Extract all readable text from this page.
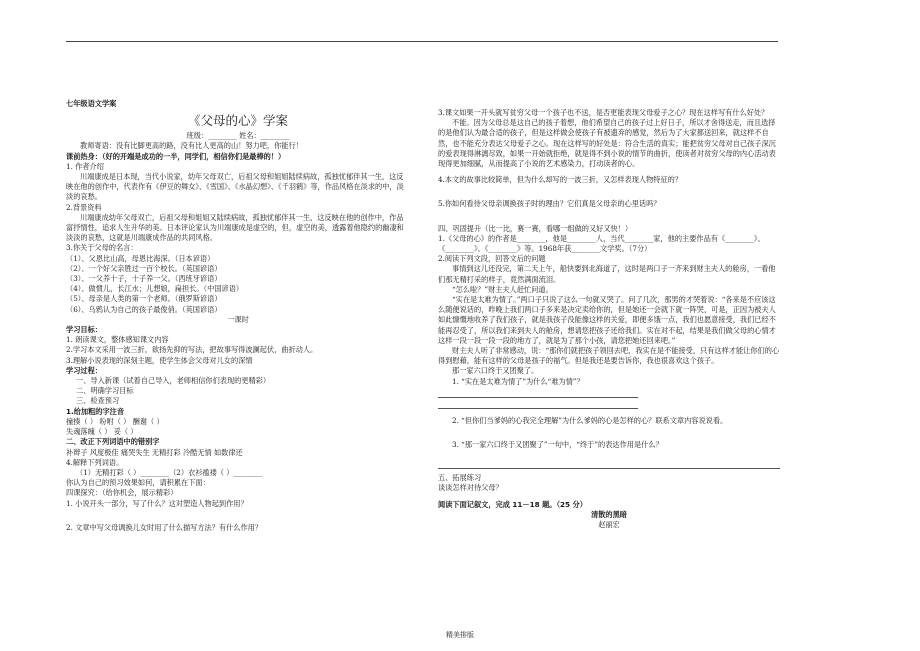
七年级语文学案

《父母的心》学案

班级：________ 姓名：________

教师寄语：没有比脚更高的路，没有比人更高的山！努力吧，你能行！

课前热身：（好的开端是成功的一半，同学们，相信你们是最棒的！）

1. 作者介绍

川端康成是日本现，当代小说家，幼年父母双亡，后祖父母和姐姐陆续病故，孤独忧郁伴其一生，这反映在他的创作中，代表作有《伊豆的舞女》、《雪国》、《水晶幻想》、《千羽鹤》等，作品风格在淡求的中，淡淡的哀愁。

2.背景资料

川端康成幼年父母双亡，后祖父母和姐姐又陆续病故，孤独忧郁伴其一生，这反映在他的创作中，作品富抒情性，追求人生升华的美。日本评论家认为川端康成是虚空的，但，虚空的美，透露着他隐约的幽凄和淡淡的哀愁，这就是川端康成作品的共同风格。

3.你关于父母的名言：

（1）、父恩比山高，母恩比海深。（日本谚语）

（2）、一个好父亲胜过一百个校长。（英国谚语）

（3）、一父养十子，十子养一父。（西班牙谚语）

（4）、做惯儿，长江水；儿想娘，扁担长。（中国谚语）

（5）、母亲是人类的第一个老师。（俄罗斯谚语）

（6）、乌鸦认为自己的孩子最俊俏。（英国谚语）

一课时

学习目标：

1. 朗读课文，整体感知课文内容

2.学习本文采用一波三折，欲扬先抑的写法，把故事写得波澜起伏，曲折动人。

3.理解小说表现的深刻主题，使学生体会父母对儿女的深情

学习过程：

一、导入新课（试着自己导入，老师相信你们表现的更精彩）

二、明确学习目标

三、检查预习

1.给加粗的字注音

撞揍（ ） 吩咐（ ） 酬谢（ ）

失魂落魄（ ） 妥（ ）

二、改正下列词语中的错别字

补辫子 风度极佳 痛哭失生 无精打彩 冷酷无情 如数律还

4.解释下列词语。

（1）无精打彩（ ）________（2）衣衫褴褛（ ）________

你认为自己的预习效果如何，请积累在下面：

四课探究：（给你机会，展示精彩）

1. 小说开头一部分，写了什么？这对塑造人物起到作用？

2. 文章中写父母调换儿女时用了什么描写方法？有什么作用？

3.课文如果一开头就写贫穷父母一个孩子也不送，是否更能表现父母爱子之心？现在这样写有什么好处？

不能。因为父母总是这自己的孩子着想，他们希望自己的孩子过上好日子，所以才舍得送走，而且选择的是他们认为最合适的孩子，但是这样做会使孩子有被遗弃的感觉，然后为了大家都送回来，就这样不自然，也不能充分表达父母爱子之心。现在这样写的好处是：符合生活的真实；能把贫穷父母对自己孩子深沉的爱表现得淋漓尽致，如果一开始就拒绝，就是得不到小说的情节的曲折，使读者对贫穷父母的内心活动表现得更加细腻，从而提高了小说的艺术感染力，打动读者的心。

4.本文的故事比较简单，但为什么却写的一波三折，又怎样表现人物特征的？

5.你如何看待父母亲调换孩子时的理由？它们真是父母亲的心里话吗？

四、巩固提升（比一比，赛一赛，看哪一组做的又好又快！）

1.《父母的心》的作者是________，他是________人，当代________家，他的主要作品有《________》、《________》、《________》等。1968年获________文学奖。（7分）

2.阅读下列文段，回答文后的问题

事情到这儿还没完，第二天上午，船快要到北海道了，这时是两口子一齐来到财主夫人的舱房，一看他们那无精打采的样子，竟然满面流泪。

“怎么啦？”财主夫人赶忙问道。

“实在是太难为情了。”两口子只说了这么一句就又哭了。问了几次，那男的才哭着说：“各来是不应该这么随便说话的，昨晚上我们两口子多来是决定卖给你的，但是她还一会就下就一阵哭，可是，正因为被夫人如此慷慨地收养了我们孩子，就是我孩子没能像这样的关爱，即便多饿一点，我们也愿意接受，我们已经不能再忍受了，所以我们来到夫人的舱房，想请您把孩子还给我们。实在对不起，结果是我们做父母的心情才这样一段一段一段一段的地方了，就是为了那个小孩，请您把她还回来吧。”

财主夫人听了非常感动，说：“那你们就把孩子领回去吧，我实在是不能接受，只有这样才能让你们的心得到慰藉，能有这样的父母是孩子的福气。但是我还是要告诉你，我也很喜欢这个孩子。

那一家六口终于又团聚了。

1. “实在是太难为情了”为什么“难为情”？

2. “但你们当爹妈的心我完全理解”为什么爹妈的心是怎样的心？联系文章内容说说看。

3. “那一家六口终于又团聚了”一句中，“终于”的表达作用是什么？

五、拓展练习

谈谈怎样对待父母？

阅读下面记叙文，完成 11－18 题。（25 分）

清散的黑暗

赵丽宏

精美排版
